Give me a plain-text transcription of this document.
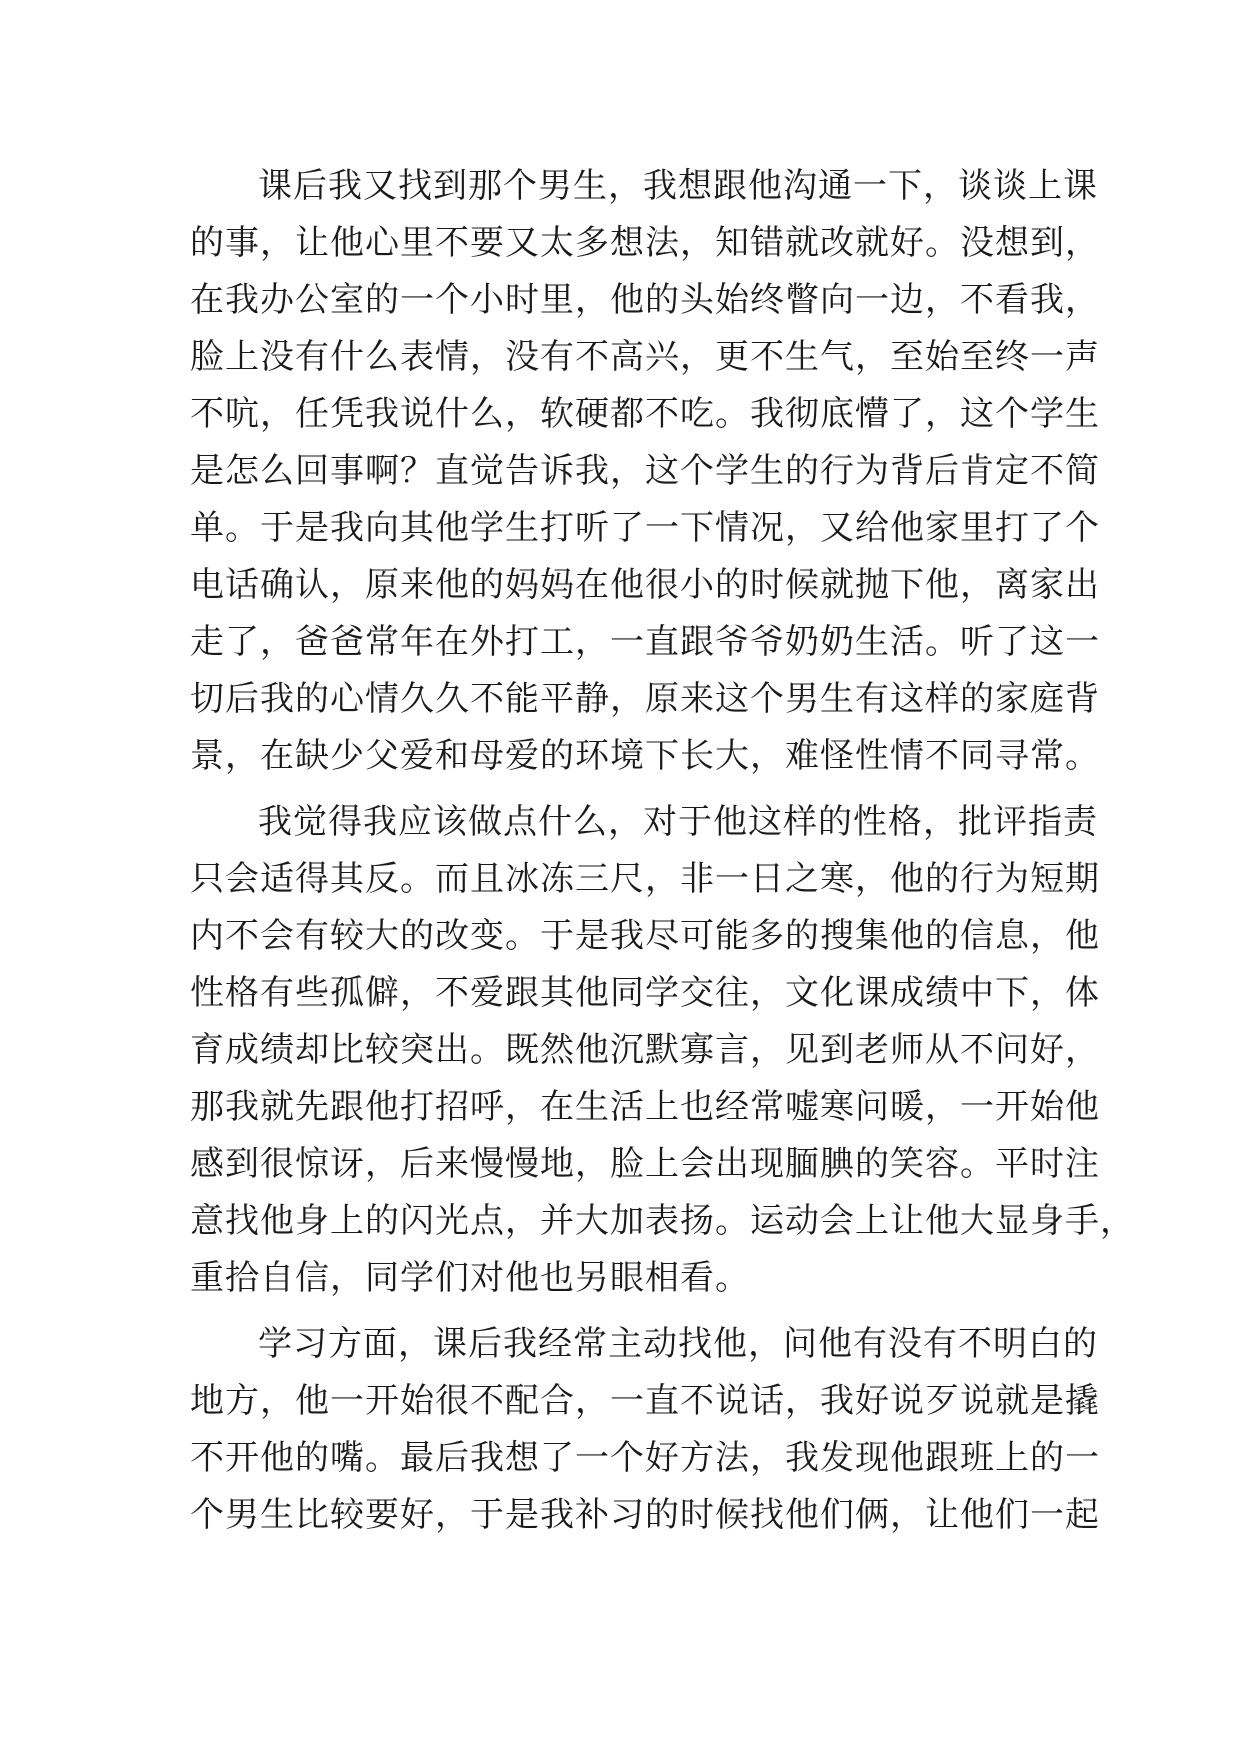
课后我又找到那个男生，我想跟他沟通一下，谈谈上课

的事，让他心里不要又太多想法，知错就改就好。没想到，

在我办公室的一个小时里，他的头始终瞥向一边，不看我，

脸上没有什么表情，没有不高兴，更不生气，至始至终一声

不吭，任凭我说什么，软硬都不吃。我彻底懵了，这个学生

是怎么回事啊？直觉告诉我，这个学生的行为背后肯定不简

单。于是我向其他学生打听了一下情况，又给他家里打了个

电话确认，原来他的妈妈在他很小的时候就抛下他，离家出

走了，爸爸常年在外打工，一直跟爷爷奶奶生活。听了这一

切后我的心情久久不能平静，原来这个男生有这样的家庭背

景，在缺少父爱和母爱的环境下长大，难怪性情不同寻常。

我觉得我应该做点什么，对于他这样的性格，批评指责

只会适得其反。而且冰冻三尺，非一日之寒，他的行为短期

内不会有较大的改变。于是我尽可能多的搜集他的信息，他

性格有些孤僻，不爱跟其他同学交往，文化课成绩中下，体

育成绩却比较突出。既然他沉默寡言，见到老师从不问好，

那我就先跟他打招呼，在生活上也经常嘘寒问暖，一开始他

感到很惊讶，后来慢慢地，脸上会出现腼腆的笑容。平时注

意找他身上的闪光点，并大加表扬。运动会上让他大显身手，

重拾自信，同学们对他也另眼相看。

学习方面，课后我经常主动找他，问他有没有不明白的

地方，他一开始很不配合，一直不说话，我好说歹说就是撬

不开他的嘴。最后我想了一个好方法，我发现他跟班上的一

个男生比较要好，于是我补习的时候找他们俩，让他们一起
